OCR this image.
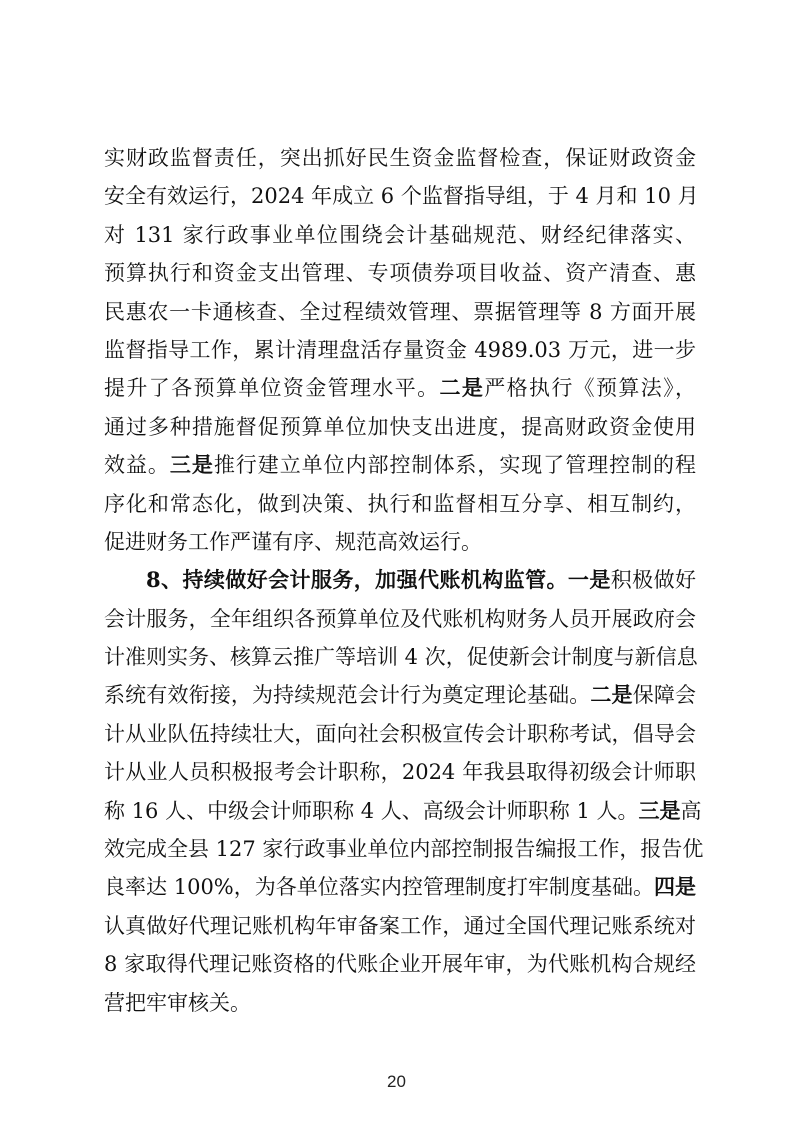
实财政监督责任，突出抓好民生资金监督检查，保证财政资金
安全有效运行，2024 年成立 6 个监督指导组，于 4 月和 10 月
对 131 家行政事业单位围绕会计基础规范、财经纪律落实、
预算执行和资金支出管理、专项债券项目收益、资产清查、惠
民惠农一卡通核查、全过程绩效管理、票据管理等 8 方面开展
监督指导工作，累计清理盘活存量资金 4989.03 万元，进一步
提升了各预算单位资金管理水平。二是严格执行《预算法》，
通过多种措施督促预算单位加快支出进度，提高财政资金使用
效益。三是推行建立单位内部控制体系，实现了管理控制的程
序化和常态化，做到决策、执行和监督相互分享、相互制约，
促进财务工作严谨有序、规范高效运行。
8、持续做好会计服务，加强代账机构监管。一是积极做好
会计服务，全年组织各预算单位及代账机构财务人员开展政府会
计准则实务、核算云推广等培训 4 次，促使新会计制度与新信息
系统有效衔接，为持续规范会计行为奠定理论基础。二是保障会
计从业队伍持续壮大，面向社会积极宣传会计职称考试，倡导会
计从业人员积极报考会计职称，2024 年我县取得初级会计师职
称 16 人、中级会计师职称 4 人、高级会计师职称 1 人。三是高
效完成全县 127 家行政事业单位内部控制报告编报工作，报告优
良率达 100%，为各单位落实内控管理制度打牢制度基础。四是
认真做好代理记账机构年审备案工作，通过全国代理记账系统对
8 家取得代理记账资格的代账企业开展年审，为代账机构合规经
营把牢审核关。
20
